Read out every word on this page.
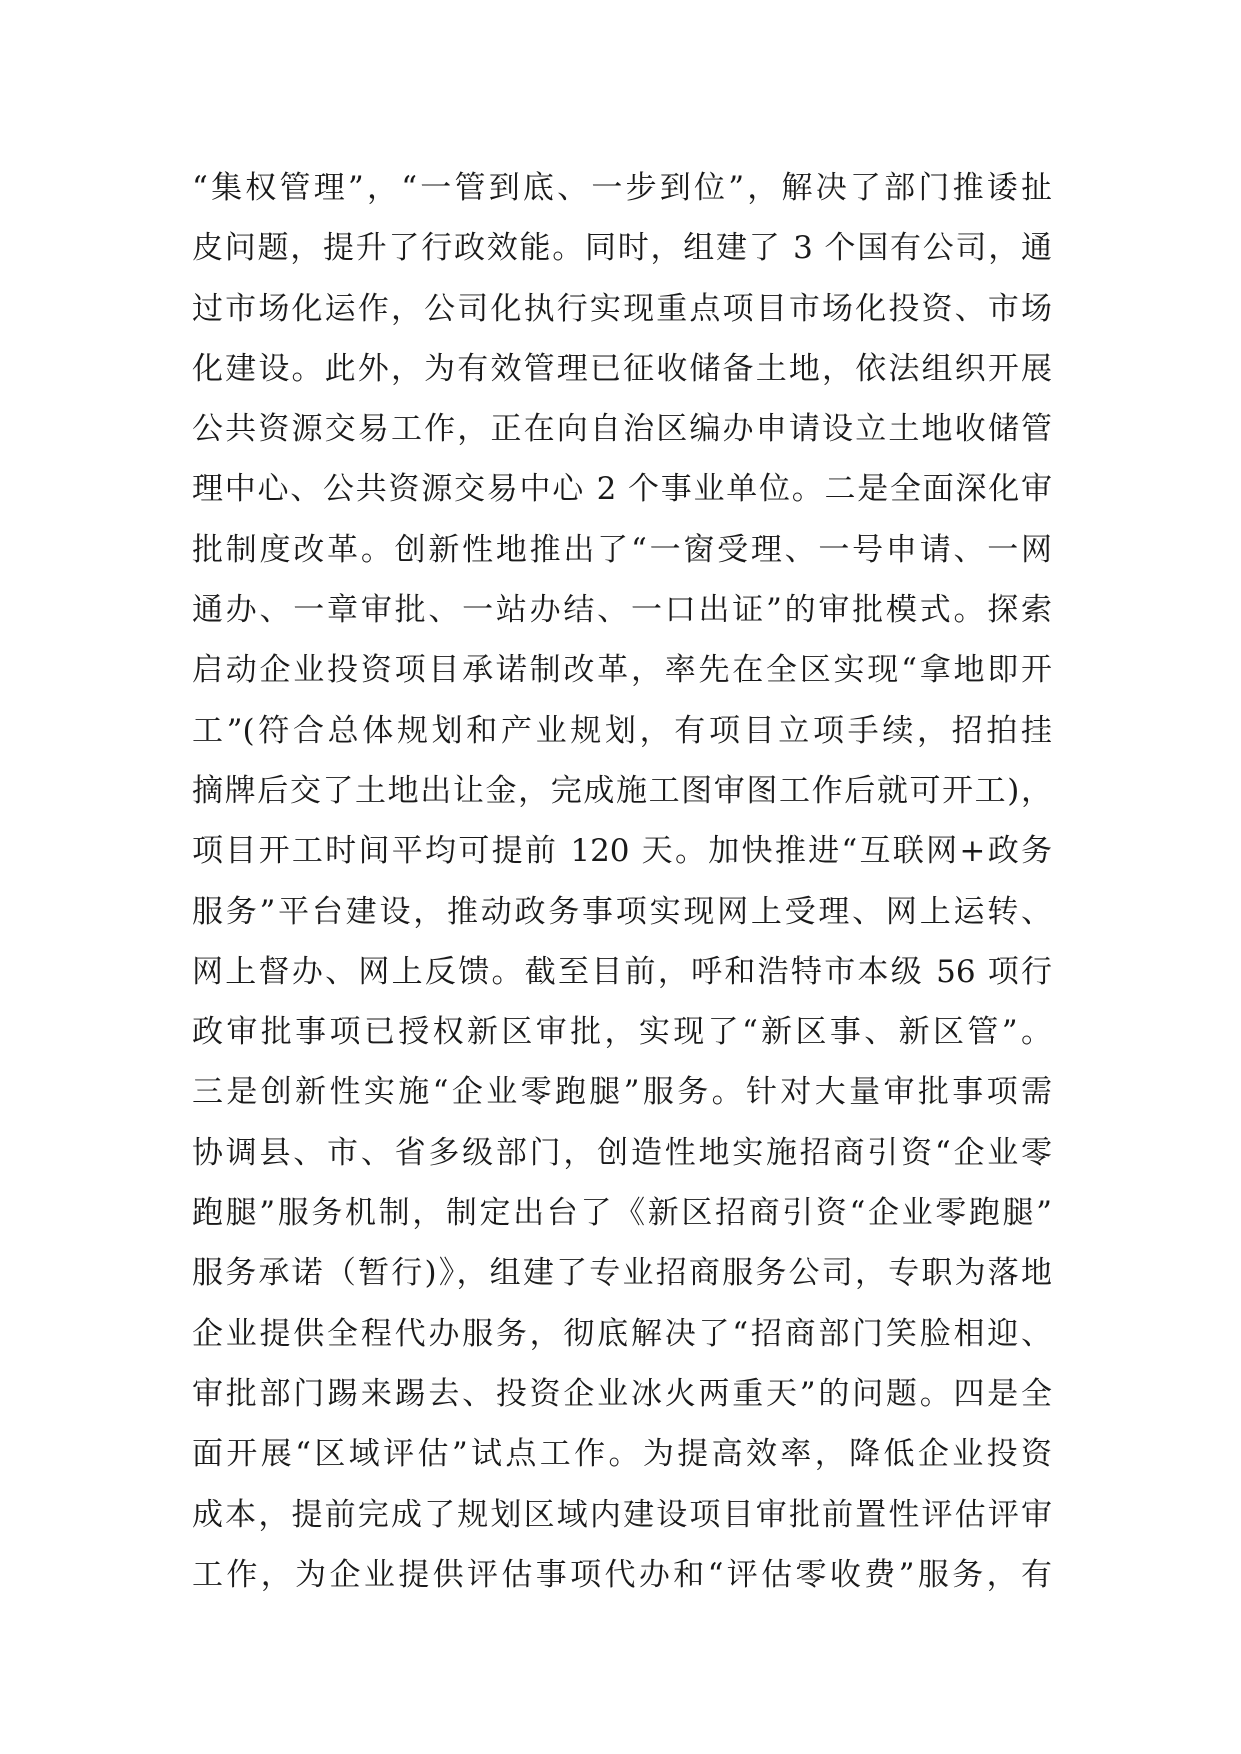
“集权管理”，“一管到底、一步到位”，解决了部门推诿扯
皮问题，提升了行政效能。同时，组建了 3 个国有公司，通
过市场化运作，公司化执行实现重点项目市场化投资、市场
化建设。此外，为有效管理已征收储备土地，依法组织开展
公共资源交易工作，正在向自治区编办申请设立土地收储管
理中心、公共资源交易中心 2 个事业单位。二是全面深化审
批制度改革。创新性地推出了“一窗受理、一号申请、一网
通办、一章审批、一站办结、一口出证”的审批模式。探索
启动企业投资项目承诺制改革，率先在全区实现“拿地即开
工”(符合总体规划和产业规划，有项目立项手续，招拍挂
摘牌后交了土地出让金，完成施工图审图工作后就可开工)，
项目开工时间平均可提前 120 天。加快推进“互联网+政务
服务”平台建设，推动政务事项实现网上受理、网上运转、
网上督办、网上反馈。截至目前，呼和浩特市本级 56 项行
政审批事项已授权新区审批，实现了“新区事、新区管”。
三是创新性实施“企业零跑腿”服务。针对大量审批事项需
协调县、市、省多级部门，创造性地实施招商引资“企业零
跑腿”服务机制，制定出台了《新区招商引资“企业零跑腿”
服务承诺（暂行)》，组建了专业招商服务公司，专职为落地
企业提供全程代办服务，彻底解决了“招商部门笑脸相迎、
审批部门踢来踢去、投资企业冰火两重天”的问题。四是全
面开展“区域评估”试点工作。为提高效率，降低企业投资
成本，提前完成了规划区域内建设项目审批前置性评估评审
工作，为企业提供评估事项代办和“评估零收费”服务，有
